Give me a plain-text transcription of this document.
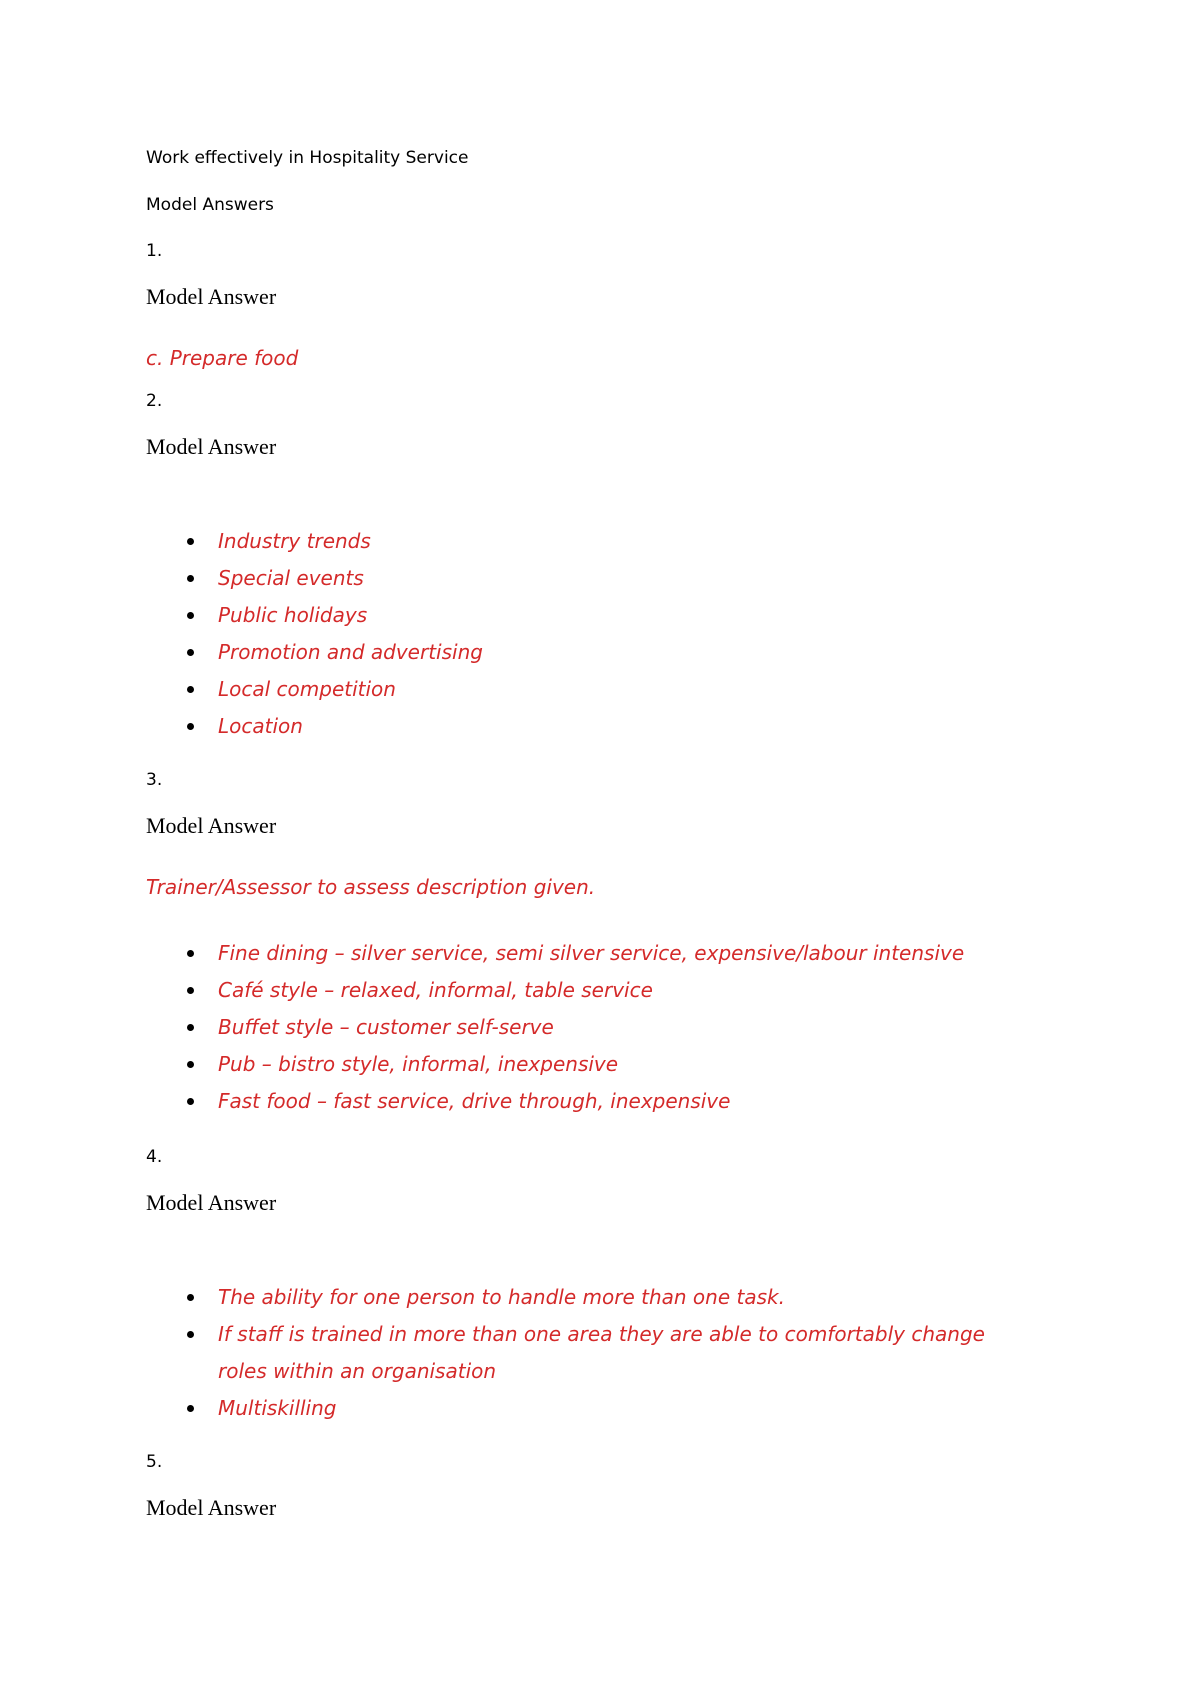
Work effectively in Hospitality Service

Model Answers

1.

Model Answer

c. Prepare food

2.

Model Answer

Industry trends
Special events
Public holidays
Promotion and advertising
Local competition
Location

3.

Model Answer

Trainer/Assessor to assess description given.

Fine dining – silver service, semi silver service, expensive/labour intensive
Café style – relaxed, informal, table service
Buffet style – customer self-serve
Pub – bistro style, informal, inexpensive
Fast food – fast service, drive through, inexpensive

4.

Model Answer

The ability for one person to handle more than one task.
If staff is trained in more than one area they are able to comfortably change
roles within an organisation
Multiskilling

5.

Model Answer
